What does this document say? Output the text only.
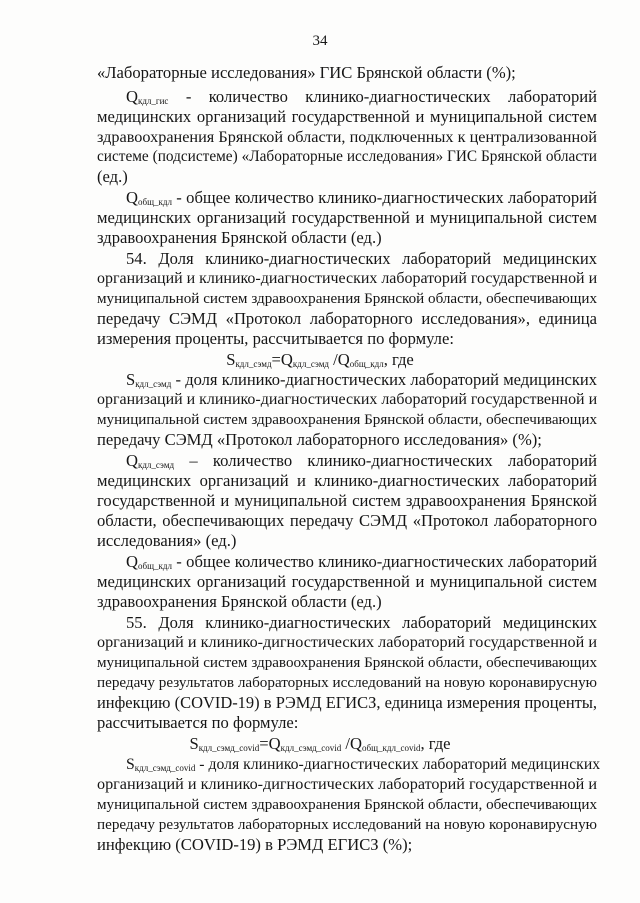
34
«Лабораторные исследования» ГИС Брянской области (%);
$Q_{кдл\_гис}$ - количество клинико-диагностических лабораторий
медицинских организаций государственной и муниципальной систем
здравоохранения Брянской области, подключенных к централизованной
системе (подсистеме) «Лабораторные исследования» ГИС Брянской области
(ед.)
$Q_{общ\_кдл}$ - общее количество клинико-диагностических лабораторий
медицинских организаций государственной и муниципальной систем
здравоохранения Брянской области (ед.)
54. Доля клинико-диагностических лабораторий медицинских
организаций и клинико-диагностических лабораторий государственной и
муниципальной систем здравоохранения Брянской области, обеспечивающих
передачу СЭМД «Протокол лабораторного исследования», единица
измерения проценты, рассчитывается по формуле:
$S_{кдл\_сэмд}=Q_{кдл\_сэмд}$ $/Q_{общ\_кдл}$, где
$S_{кдл\_сэмд}$ - доля клинико-диагностических лабораторий медицинских
организаций и клинико-диагностических лабораторий государственной и
муниципальной систем здравоохранения Брянской области, обеспечивающих
передачу СЭМД «Протокол лабораторного исследования» (%);
$Q_{кдл\_сэмд}$ – количество клинико-диагностических лабораторий
медицинских организаций и клинико-диагностических лабораторий
государственной и муниципальной систем здравоохранения Брянской
области, обеспечивающих передачу СЭМД «Протокол лабораторного
исследования» (ед.)
$Q_{общ\_кдл}$ - общее количество клинико-диагностических лабораторий
медицинских организаций государственной и муниципальной систем
здравоохранения Брянской области (ед.)
55. Доля клинико-диагностических лабораторий медицинских
организаций и клинико-дигностических лабораторий государственной и
муниципальной систем здравоохранения Брянской области, обеспечивающих
передачу результатов лабораторных исследований на новую коронавирусную
инфекцию (COVID-19) в РЭМД ЕГИСЗ, единица измерения проценты,
рассчитывается по формуле:
$S_{кдл\_сэмд\_covid}=Q_{кдл\_сэмд\_covid}$ $/Q_{общ\_кдл\_covid}$, где
$S_{кдл\_сэмд\_covid}$ - доля клинико-диагностических лабораторий медицинских
организаций и клинико-дигностических лабораторий государственной и
муниципальной систем здравоохранения Брянской области, обеспечивающих
передачу результатов лабораторных исследований на новую коронавирусную
инфекцию (COVID-19) в РЭМД ЕГИСЗ (%);
